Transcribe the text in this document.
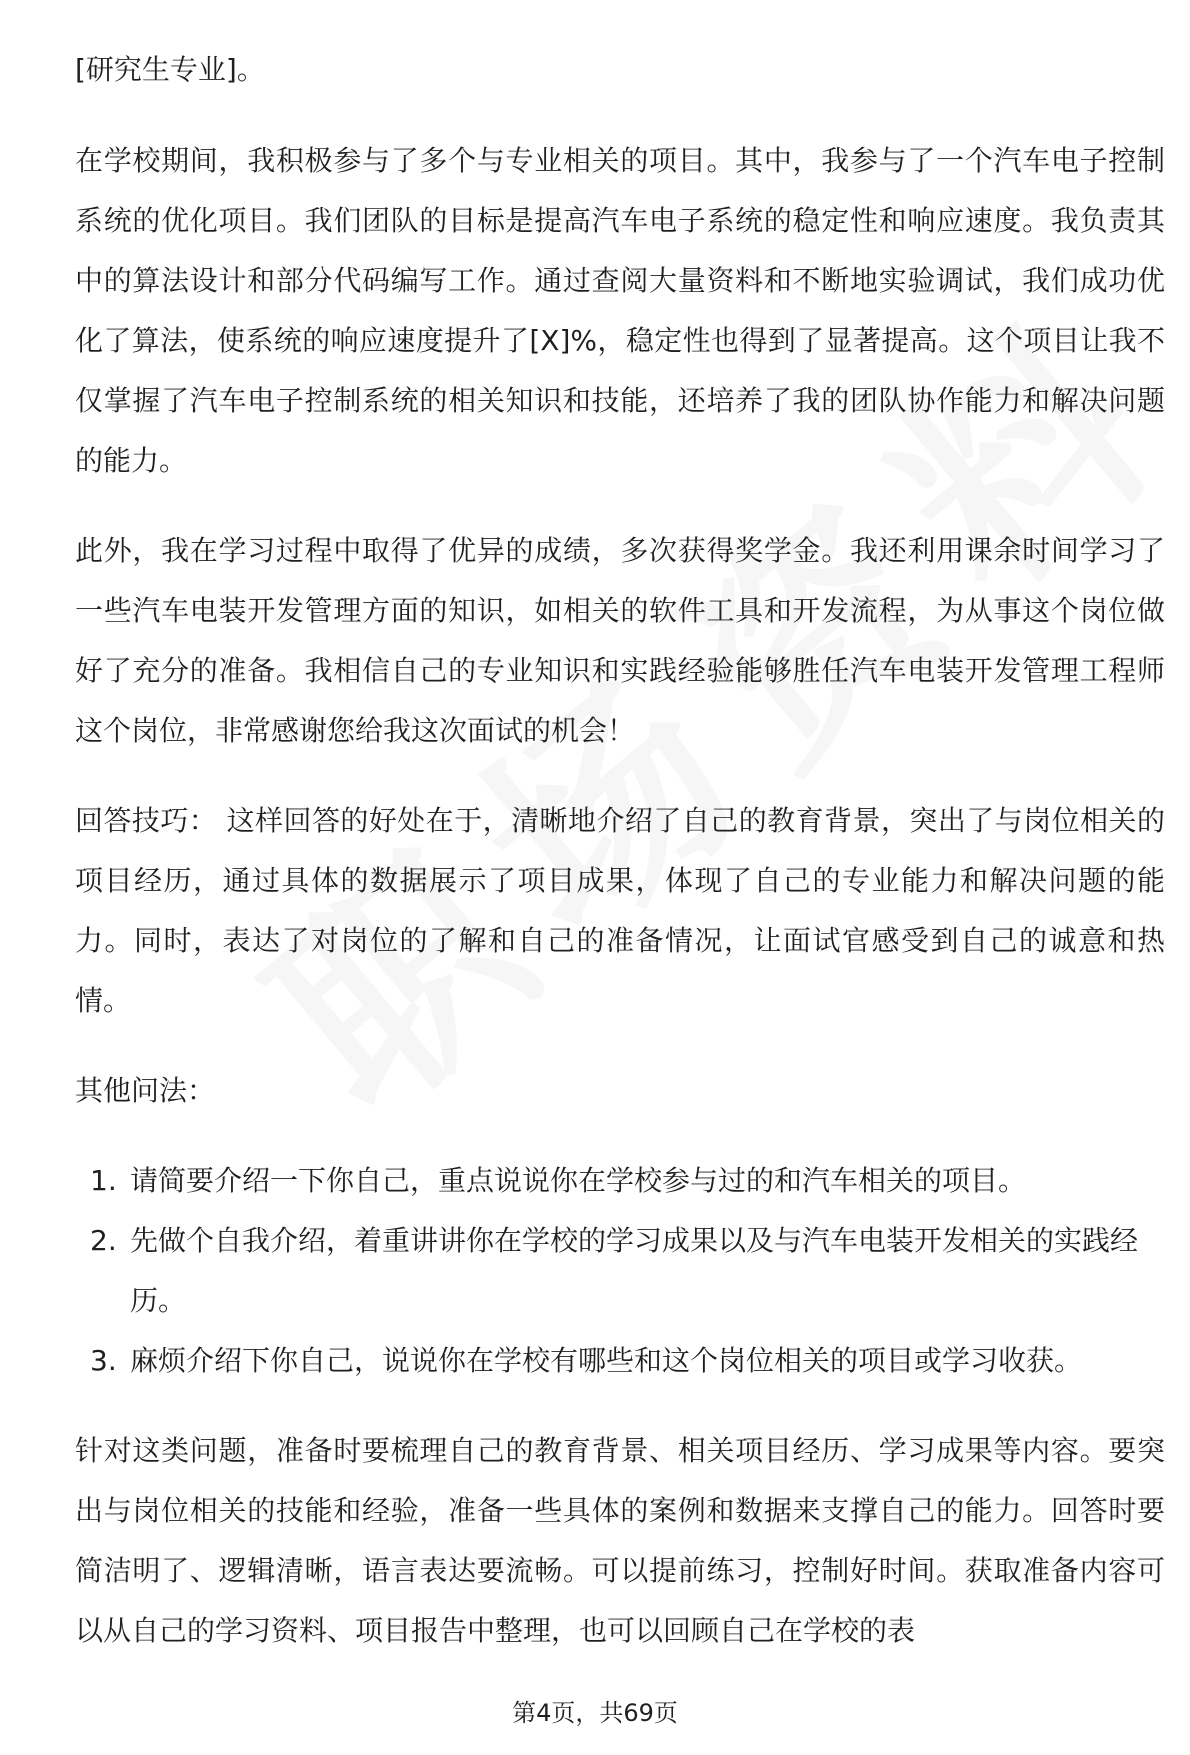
[研究生专业]。

在学校期间，我积极参与了多个与专业相关的项目。其中，我参与了一个汽车电子控制系统的优化项目。我们团队的目标是提高汽车电子系统的稳定性和响应速度。我负责其中的算法设计和部分代码编写工作。通过查阅大量资料和不断地实验调试，我们成功优化了算法，使系统的响应速度提升了[X]%，稳定性也得到了显著提高。这个项目让我不仅掌握了汽车电子控制系统的相关知识和技能，还培养了我的团队协作能力和解决问题的能力。

此外，我在学习过程中取得了优异的成绩，多次获得奖学金。我还利用课余时间学习了一些汽车电装开发管理方面的知识，如相关的软件工具和开发流程，为从事这个岗位做好了充分的准备。我相信自己的专业知识和实践经验能够胜任汽车电装开发管理工程师这个岗位，非常感谢您给我这次面试的机会！

回答技巧： 这样回答的好处在于，清晰地介绍了自己的教育背景，突出了与岗位相关的项目经历，通过具体的数据展示了项目成果，体现了自己的专业能力和解决问题的能力。同时，表达了对岗位的了解和自己的准备情况，让面试官感受到自己的诚意和热情。

其他问法：

1. 请简要介绍一下你自己，重点说说你在学校参与过的和汽车相关的项目。
2. 先做个自我介绍，着重讲讲你在学校的学习成果以及与汽车电装开发相关的实践经历。
3. 麻烦介绍下你自己，说说你在学校有哪些和这个岗位相关的项目或学习收获。

针对这类问题，准备时要梳理自己的教育背景、相关项目经历、学习成果等内容。要突出与岗位相关的技能和经验，准备一些具体的案例和数据来支撑自己的能力。回答时要简洁明了、逻辑清晰，语言表达要流畅。可以提前练习，控制好时间。获取准备内容可以从自己的学习资料、项目报告中整理，也可以回顾自己在学校的表

第4页，共69页
